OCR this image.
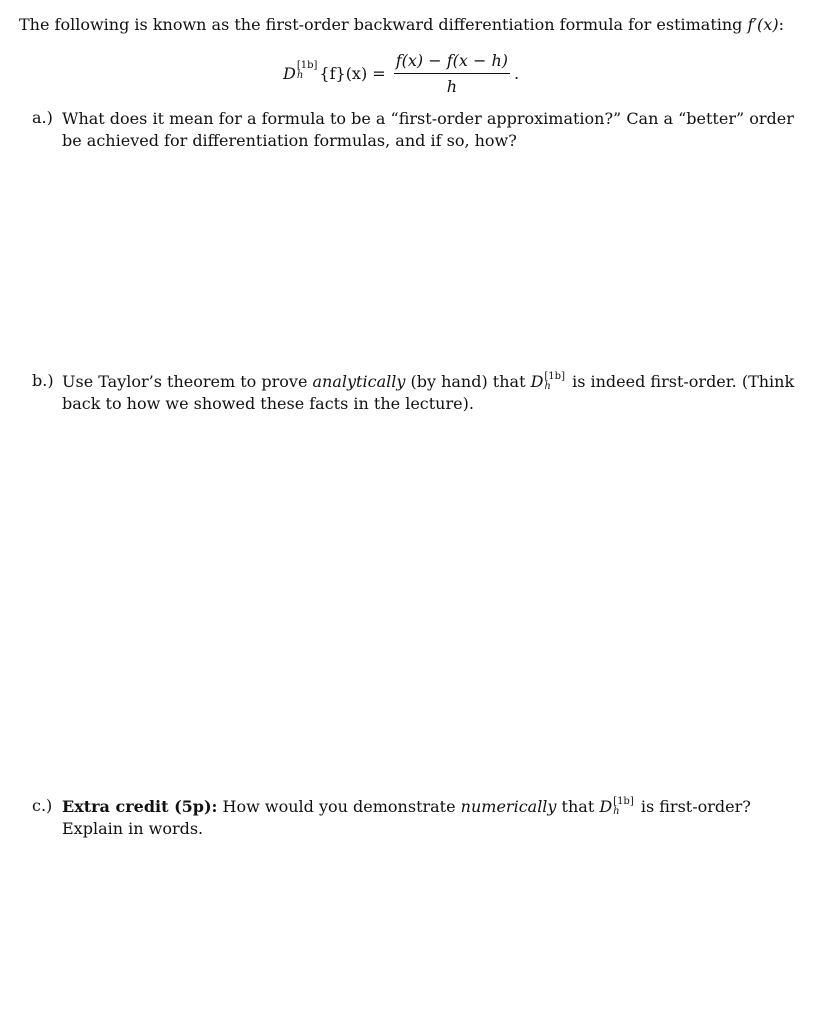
The following is known as the first-order backward differentiation formula for estimating f′(x):
D [1b]
h	$\{f\}(x) = \frac{f(x) - f(x - h)}{h}$ .
a.) What does it mean for a formula to be a “first-order approximation?” Can a “better” order be achieved for differentiation formulas, and if so, how?
b.) Use Taylor’s theorem to prove analytically (by hand) that D [1b]
h	is indeed first-order. (Think back to how we showed these facts in the lecture).
c.) Extra credit (5p): How would you demonstrate numerically that D [1b]
h	is first-order? Explain in words.
